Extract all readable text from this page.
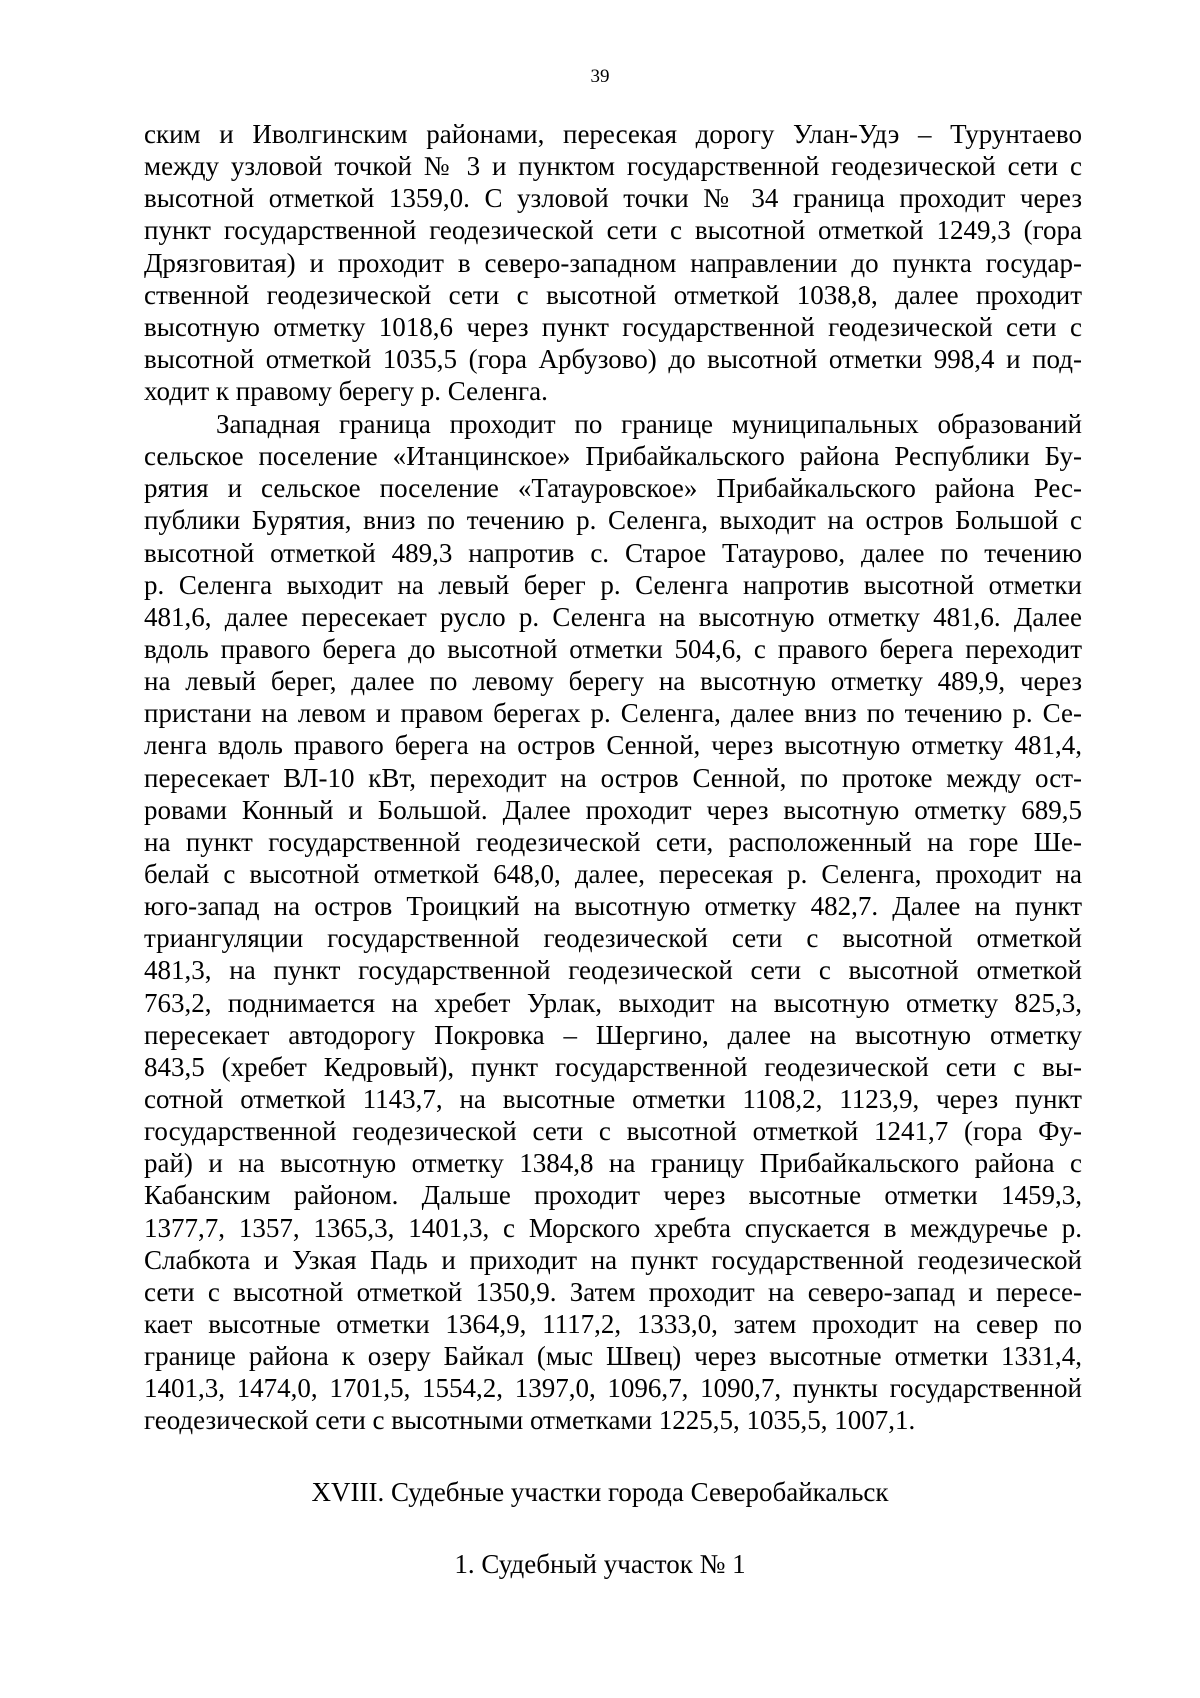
39
ским и Иволгинским районами, пересекая дорогу Улан-Удэ – Турунтаево
между узловой точкой № 3 и пунктом государственной геодезической сети с
высотной отметкой 1359,0. С узловой точки № 34 граница проходит через
пункт государственной геодезической сети с высотной отметкой 1249,3 (гора
Дрязговитая) и проходит в северо-западном направлении до пункта государ-
ственной геодезической сети с высотной отметкой 1038,8, далее проходит
высотную отметку 1018,6 через пункт государственной геодезической сети с
высотной отметкой 1035,5 (гора Арбузово) до высотной отметки 998,4 и под-
ходит к правому берегу р. Селенга.
Западная граница проходит по границе муниципальных образований
сельское поселение «Итанцинское» Прибайкальского района Республики Бу-
рятия и сельское поселение «Татауровское» Прибайкальского района Рес-
публики Бурятия, вниз по течению р. Селенга, выходит на остров Большой с
высотной отметкой 489,3 напротив с. Старое Татаурово, далее по течению
р. Селенга выходит на левый берег р. Селенга напротив высотной отметки
481,6, далее пересекает русло р. Селенга на высотную отметку 481,6. Далее
вдоль правого берега до высотной отметки 504,6, с правого берега переходит
на левый берег, далее по левому берегу на высотную отметку 489,9, через
пристани на левом и правом берегах р. Селенга, далее вниз по течению р. Се-
ленга вдоль правого берега на остров Сенной, через высотную отметку 481,4,
пересекает ВЛ-10 кВт, переходит на остров Сенной, по протоке между ост-
ровами Конный и Большой. Далее проходит через высотную отметку 689,5
на пункт государственной геодезической сети, расположенный на горе Ше-
белай с высотной отметкой 648,0, далее, пересекая р. Селенга, проходит на
юго-запад на остров Троицкий на высотную отметку 482,7. Далее на пункт
триангуляции государственной геодезической сети с высотной отметкой
481,3, на пункт государственной геодезической сети с высотной отметкой
763,2, поднимается на хребет Урлак, выходит на высотную отметку 825,3,
пересекает автодорогу Покровка – Шергино, далее на высотную отметку
843,5 (хребет Кедровый), пункт государственной геодезической сети с вы-
сотной отметкой 1143,7, на высотные отметки 1108,2, 1123,9, через пункт
государственной геодезической сети с высотной отметкой 1241,7 (гора Фу-
рай) и на высотную отметку 1384,8 на границу Прибайкальского района с
Кабанским районом. Дальше проходит через высотные отметки 1459,3,
1377,7, 1357, 1365,3, 1401,3, с Морского хребта спускается в междуречье р.
Слабкота и Узкая Падь и приходит на пункт государственной геодезической
сети с высотной отметкой 1350,9. Затем проходит на северо-запад и пересе-
кает высотные отметки 1364,9, 1117,2, 1333,0, затем проходит на север по
границе района к озеру Байкал (мыс Швец) через высотные отметки 1331,4,
1401,3, 1474,0, 1701,5, 1554,2, 1397,0, 1096,7, 1090,7, пункты государственной
геодезической сети с высотными отметками 1225,5, 1035,5, 1007,1.
XVIII. Судебные участки города Северобайкальск
1. Судебный участок № 1
